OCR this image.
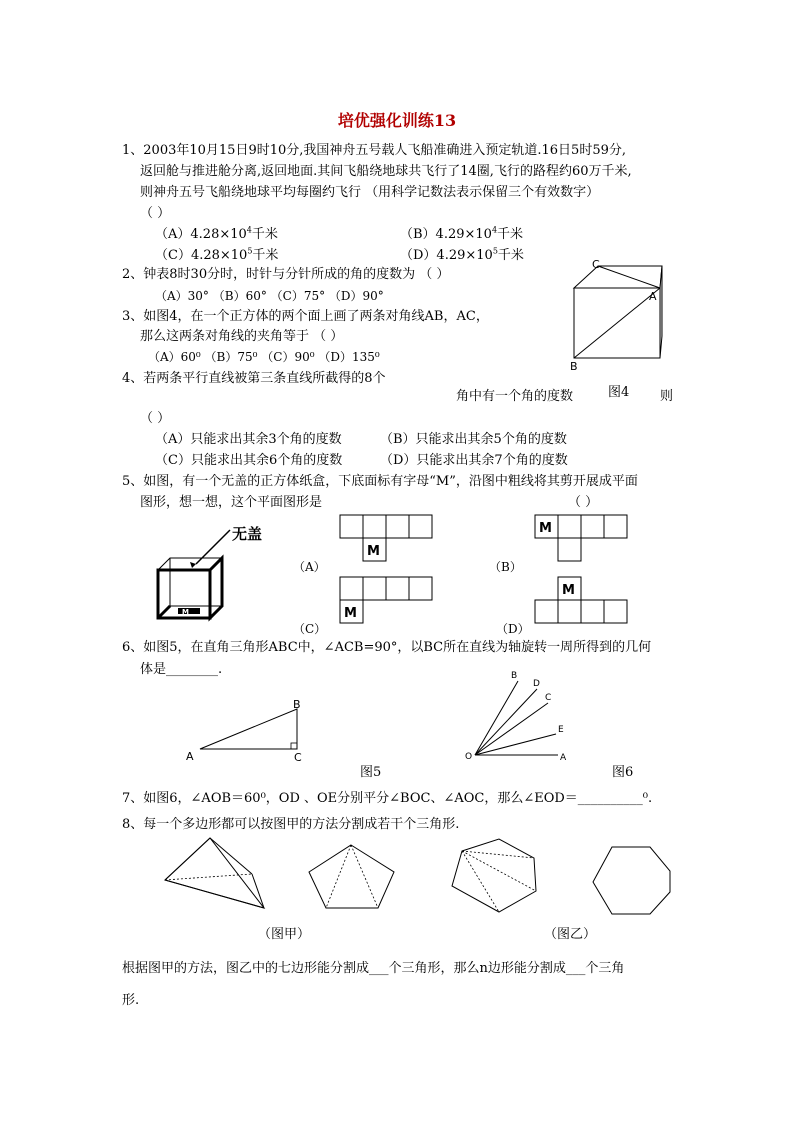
培优强化训练13
1、2003年10月15日9时10分,我国神舟五号载人飞船准确进入预定轨道.16日5时59分,
返回舱与推进舱分离,返回地面.其间飞船绕地球共飞行了14圈,飞行的路程约60万千米,
则神舟五号飞船绕地球平均每圈约飞行 （用科学记数法表示保留三个有效数字）
（ ）
$(A)4.28\times 10^4$千米	$(B)4.29\times 10^4$千米
$(C)4.28\times 10^5$千米	$(D)4.29\times 10^5$千米
2、钟表8时30分时，时针与分针所成的角的度数为 （ ）
（A）30° （B）60° （C）75° （D）90°
3、如图4，在一个正方体的两个面上画了两条对角线AB，AC，
那么这两条对角线的夹角等于 （ ）
（A）60⁰ （B）75⁰ （C）90⁰ （D）135⁰
C
A
B
图4
4、若两条平行直线被第三条直线所截得的8个
角中有一个角的度数	则
（ ）
（A）只能求出其余3个角的度数	（B）只能求出其余5个角的度数
（C）只能求出其余6个角的度数	（D）只能求出其余7个角的度数
5、如图，有一个无盖的正方体纸盒，下底面标有字母“M”，沿图中粗线将其剪开展成平面
图形，想一想，这个平面图形是	（ ）
无盖
M
M
（A）
M
（B）
M
（C）
M
（D）
6、如图5，在直角三角形ABC中，∠ACB=90°，以BC所在直线为轴旋转一周所得到的几何
体是________.
A
B
C
图5
O	A
B
D
C
E
图6
7、如图6，∠AOB＝60⁰，OD 、OE分别平分∠BOC、∠AOC，那么∠EOD＝__________⁰.
8、每一个多边形都可以按图甲的方法分割成若干个三角形.
（图甲）	（图乙）
根据图甲的方法，图乙中的七边形能分割成___个三角形，那么n边形能分割成___个三角
形.
